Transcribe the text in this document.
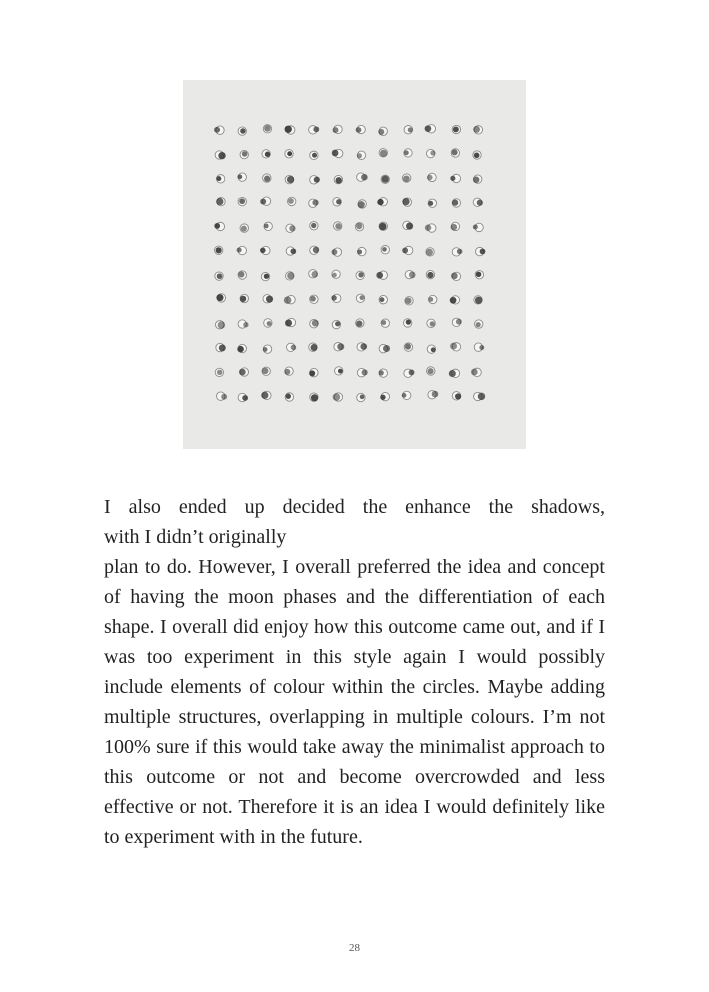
I also ended up decided the enhance the shadows,
with I didn’t originally
plan to do. However, I overall preferred the idea and concept of having the moon phases and the differentiation of each shape. I overall did enjoy how this outcome came out, and if I was too experiment in this style again I would possibly include elements of colour within the circles. Maybe adding multiple structures, overlapping in multiple colours. I’m not 100% sure if this would take away the minimalist approach to this outcome or not and become overcrowded and less effective or not. Therefore it is an idea I would definitely like to experiment with in the future.

28
